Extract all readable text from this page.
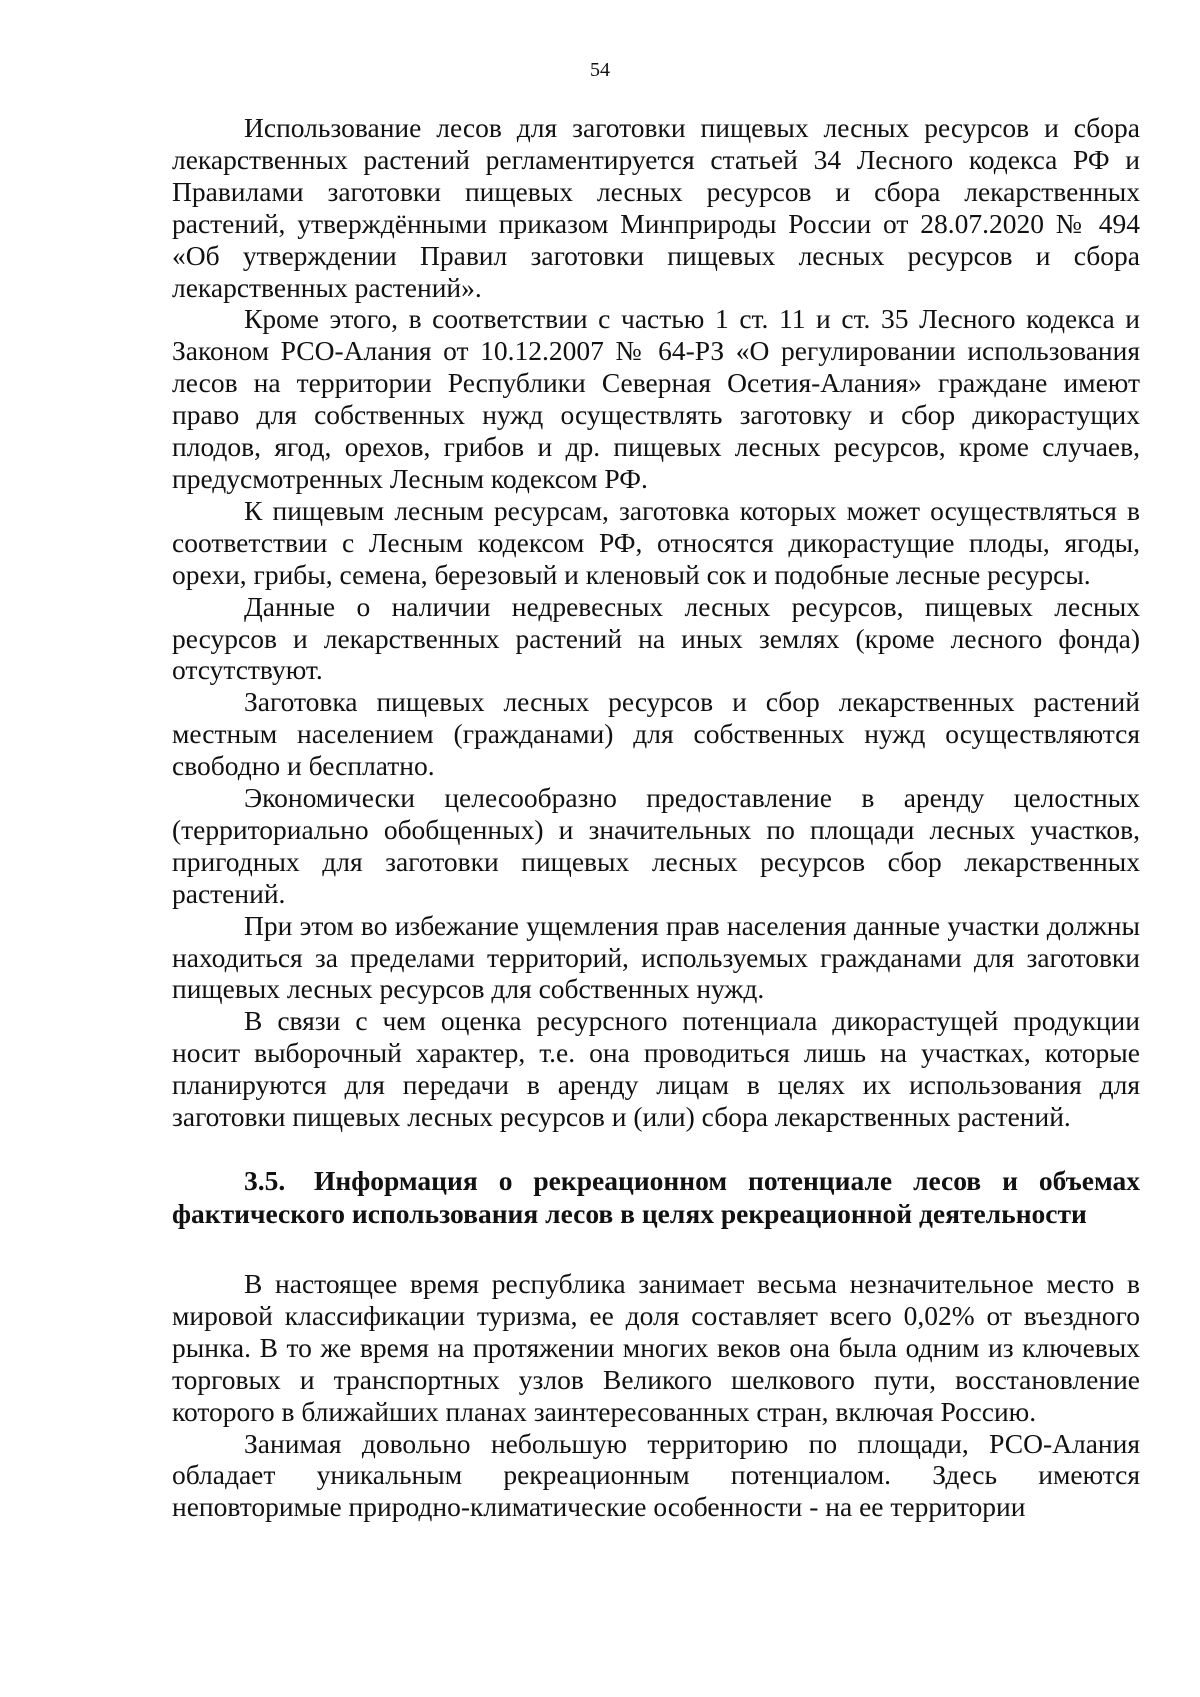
54

Использование лесов для заготовки пищевых лесных ресурсов и сбора лекарственных растений регламентируется статьей 34 Лесного кодекса РФ и Правилами заготовки пищевых лесных ресурсов и сбора лекарственных растений, утверждёнными приказом Минприроды России от 28.07.2020 № 494 «Об утверждении Правил заготовки пищевых лесных ресурсов и сбора лекарственных растений».

Кроме этого, в соответствии с частью 1 ст. 11 и ст. 35 Лесного кодекса и Законом РСО-Алания от 10.12.2007 № 64-РЗ «О регулировании использования лесов на территории Республики Северная Осетия-Алания» граждане имеют право для собственных нужд осуществлять заготовку и сбор дикорастущих плодов, ягод, орехов, грибов и др. пищевых лесных ресурсов, кроме случаев, предусмотренных Лесным кодексом РФ.

К пищевым лесным ресурсам, заготовка которых может осуществляться в соответствии с Лесным кодексом РФ, относятся дикорастущие плоды, ягоды, орехи, грибы, семена, березовый и кленовый сок и подобные лесные ресурсы.

Данные о наличии недревесных лесных ресурсов, пищевых лесных ресурсов и лекарственных растений на иных землях (кроме лесного фонда) отсутствуют.

Заготовка пищевых лесных ресурсов и сбор лекарственных растений местным населением (гражданами) для собственных нужд осуществляются свободно и бесплатно.

Экономически целесообразно предоставление в аренду целостных (территориально обобщенных) и значительных по площади лесных участков, пригодных для заготовки пищевых лесных ресурсов сбор лекарственных растений.

При этом во избежание ущемления прав населения данные участки должны находиться за пределами территорий, используемых гражданами для заготовки пищевых лесных ресурсов для собственных нужд.

В связи с чем оценка ресурсного потенциала дикорастущей продукции носит выборочный характер, т.е. она проводиться лишь на участках, которые планируются для передачи в аренду лицам в целях их использования для заготовки пищевых лесных ресурсов и (или) сбора лекарственных растений.

3.5. Информация о рекреационном потенциале лесов и объемах фактического использования лесов в целях рекреационной деятельности

В настоящее время республика занимает весьма незначительное место в мировой классификации туризма, ее доля составляет всего 0,02% от въездного рынка. В то же время на протяжении многих веков она была одним из ключевых торговых и транспортных узлов Великого шелкового пути, восстановление которого в ближайших планах заинтересованных стран, включая Россию.

Занимая довольно небольшую территорию по площади, РСО-Алания обладает уникальным рекреационным потенциалом. Здесь имеются неповторимые природно-климатические особенности - на ее территории
